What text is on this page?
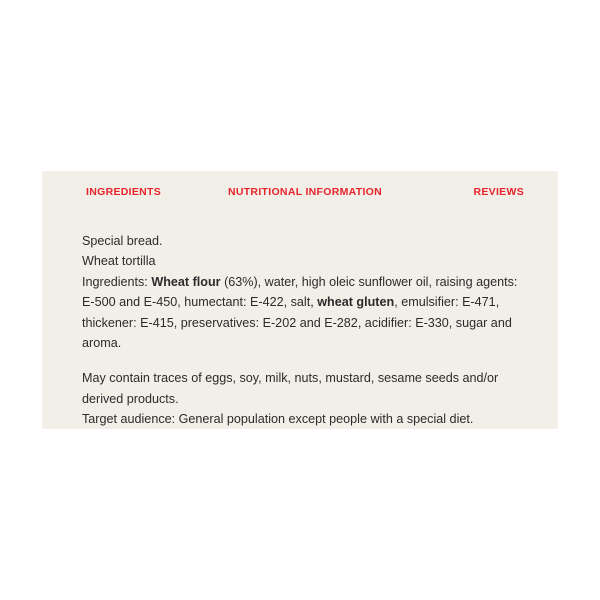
INGREDIENTS	NUTRITIONAL INFORMATION	REVIEWS

Special bread.

Wheat tortilla

Ingredients: Wheat flour (63%), water, high oleic sunflower oil, raising agents: E-500 and E-450, humectant: E-422, salt, wheat gluten, emulsifier: E-471, thickener: E-415, preservatives: E-202 and E-282, acidifier: E-330, sugar and aroma.

May contain traces of eggs, soy, milk, nuts, mustard, sesame seeds and/or derived products.

Target audience: General population except people with a special diet.
